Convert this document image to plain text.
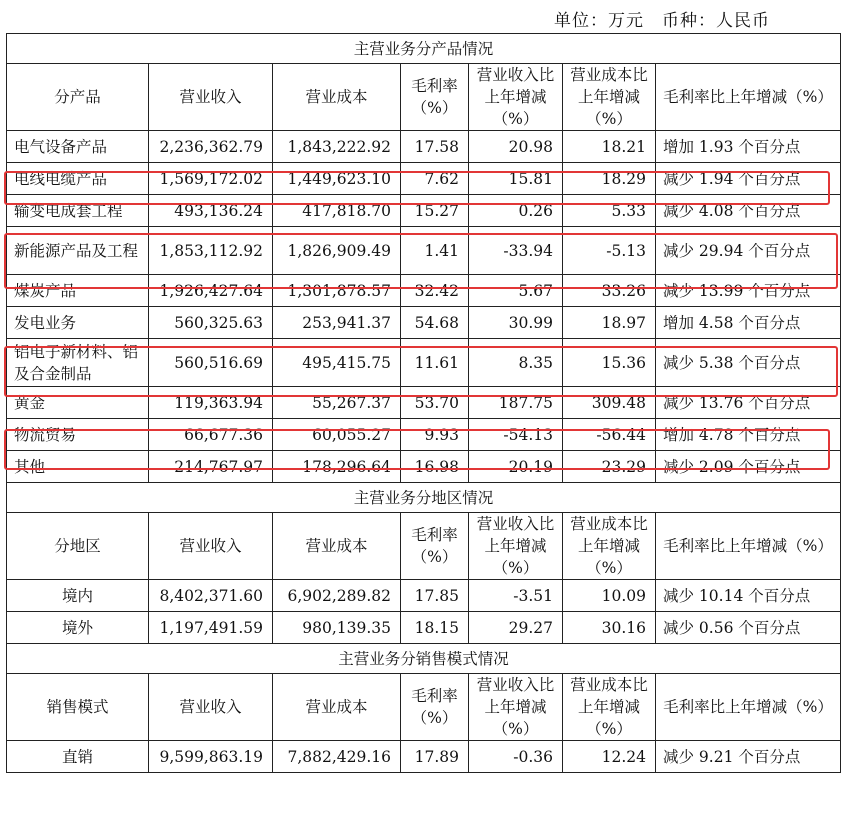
单位：万元　币种：人民币
主营业务分产品情况						
分产品	营业收入	营业成本	毛利率（%）	营业收入比上年增减（%）	营业成本比上年增减（%）	毛利率比上年增减（%）
电气设备产品	2,236,362.79	1,843,222.92	17.58	20.98	18.21	增加 1.93 个百分点
电线电缆产品	1,569,172.02	1,449,623.10	7.62	15.81	18.29	减少 1.94 个百分点
输变电成套工程	493,136.24	417,818.70	15.27	0.26	5.33	减少 4.08 个百分点
新能源产品及工程	1,853,112.92	1,826,909.49	1.41	-33.94	-5.13	减少 29.94 个百分点
煤炭产品	1,926,427.64	1,301,878.57	32.42	5.67	33.26	减少 13.99 个百分点
发电业务	560,325.63	253,941.37	54.68	30.99	18.97	增加 4.58 个百分点
铝电子新材料、铝及合金制品	560,516.69	495,415.75	11.61	8.35	15.36	减少 5.38 个百分点
黄金	119,363.94	55,267.37	53.70	187.75	309.48	减少 13.76 个百分点
物流贸易	66,677.36	60,055.27	9.93	-54.13	-56.44	增加 4.78 个百分点
其他	214,767.97	178,296.64	16.98	20.19	23.29	减少 2.09 个百分点
主营业务分地区情况						
分地区	营业收入	营业成本	毛利率（%）	营业收入比上年增减（%）	营业成本比上年增减（%）	毛利率比上年增减（%）
境内	8,402,371.60	6,902,289.82	17.85	-3.51	10.09	减少 10.14 个百分点
境外	1,197,491.59	980,139.35	18.15	29.27	30.16	减少 0.56 个百分点
主营业务分销售模式情况						
销售模式	营业收入	营业成本	毛利率（%）	营业收入比上年增减（%）	营业成本比上年增减（%）	毛利率比上年增减（%）
直销	9,599,863.19	7,882,429.16	17.89	-0.36	12.24	减少 9.21 个百分点
